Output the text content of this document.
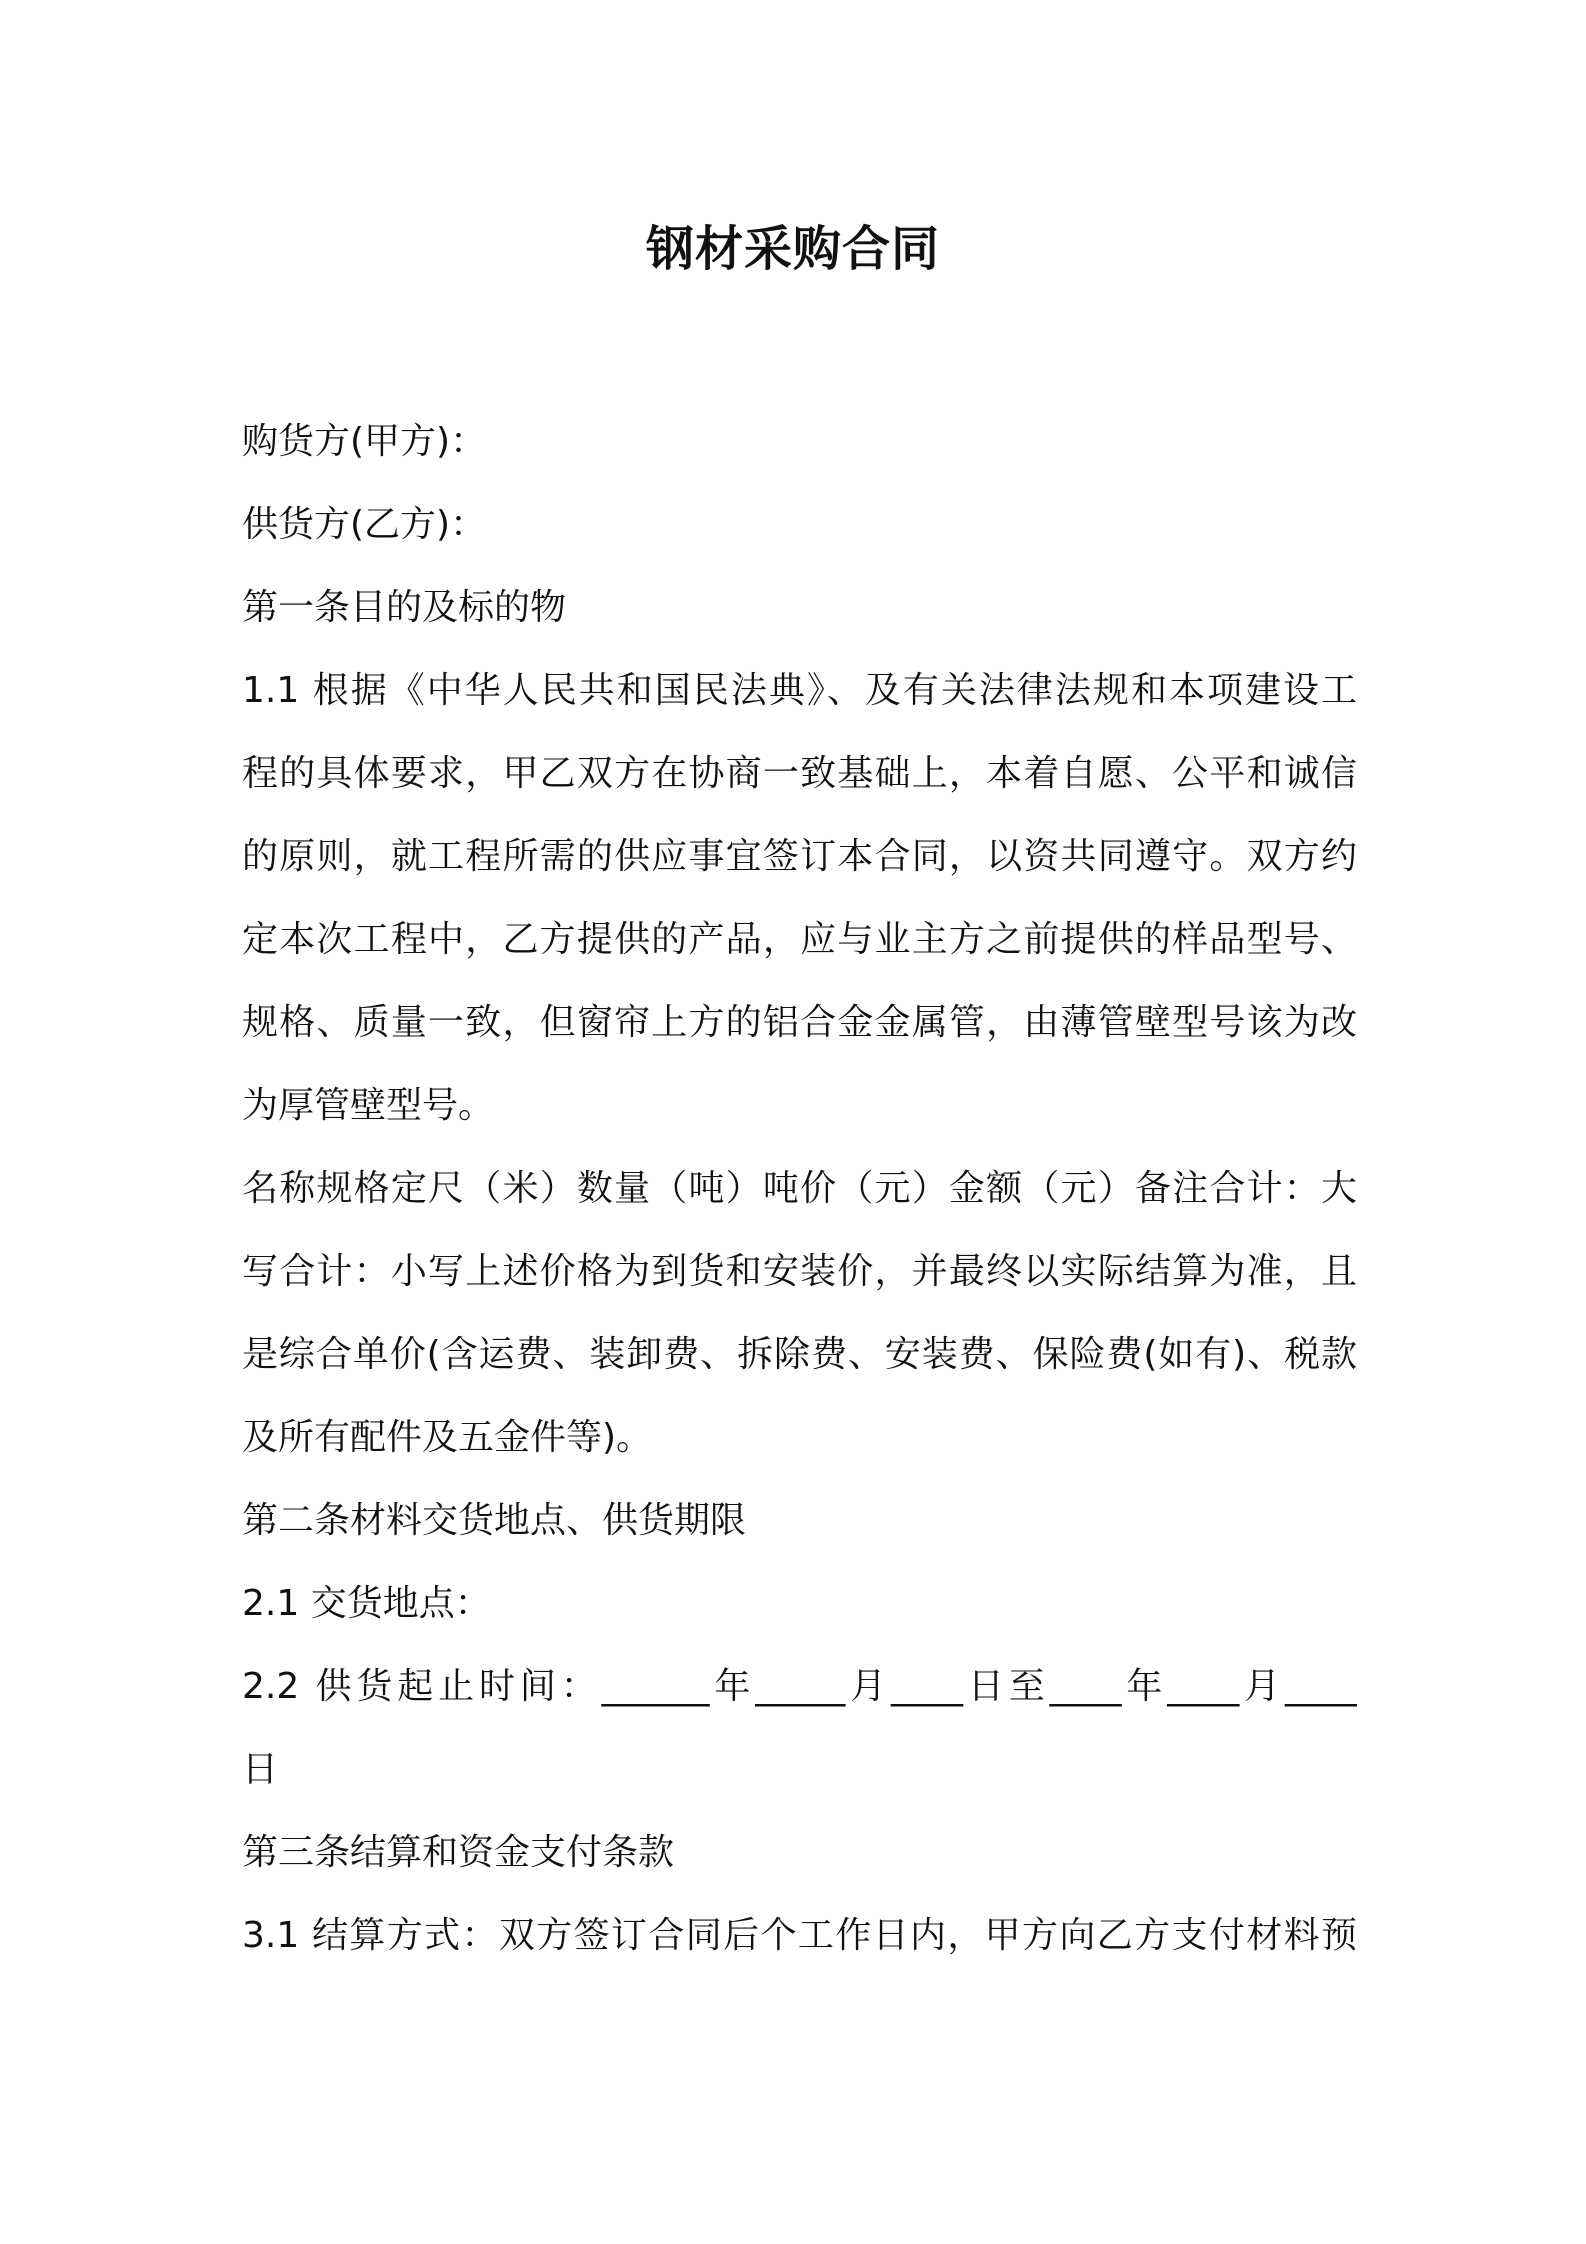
钢材采购合同
购货方(甲方)：
供货方(乙方)：
第一条目的及标的物
1.1 根据《中华人民共和国民法典》、及有关法律法规和本项建设工
程的具体要求，甲乙双方在协商一致基础上，本着自愿、公平和诚信
的原则，就工程所需的供应事宜签订本合同，以资共同遵守。双方约
定本次工程中，乙方提供的产品，应与业主方之前提供的样品型号、
规格、质量一致，但窗帘上方的铝合金金属管，由薄管壁型号该为改
为厚管壁型号。
名称规格定尺（米）数量（吨）吨价（元）金额（元）备注合计：大
写合计：小写上述价格为到货和安装价，并最终以实际结算为准，且
是综合单价(含运费、装卸费、拆除费、安装费、保险费(如有)、税款
及所有配件及五金件等)。
第二条材料交货地点、供货期限
2.1 交货地点：
2.2 供货起止时间：______年_____月____日至____年____月____
日
第三条结算和资金支付条款
3.1 结算方式：双方签订合同后个工作日内，甲方向乙方支付材料预
